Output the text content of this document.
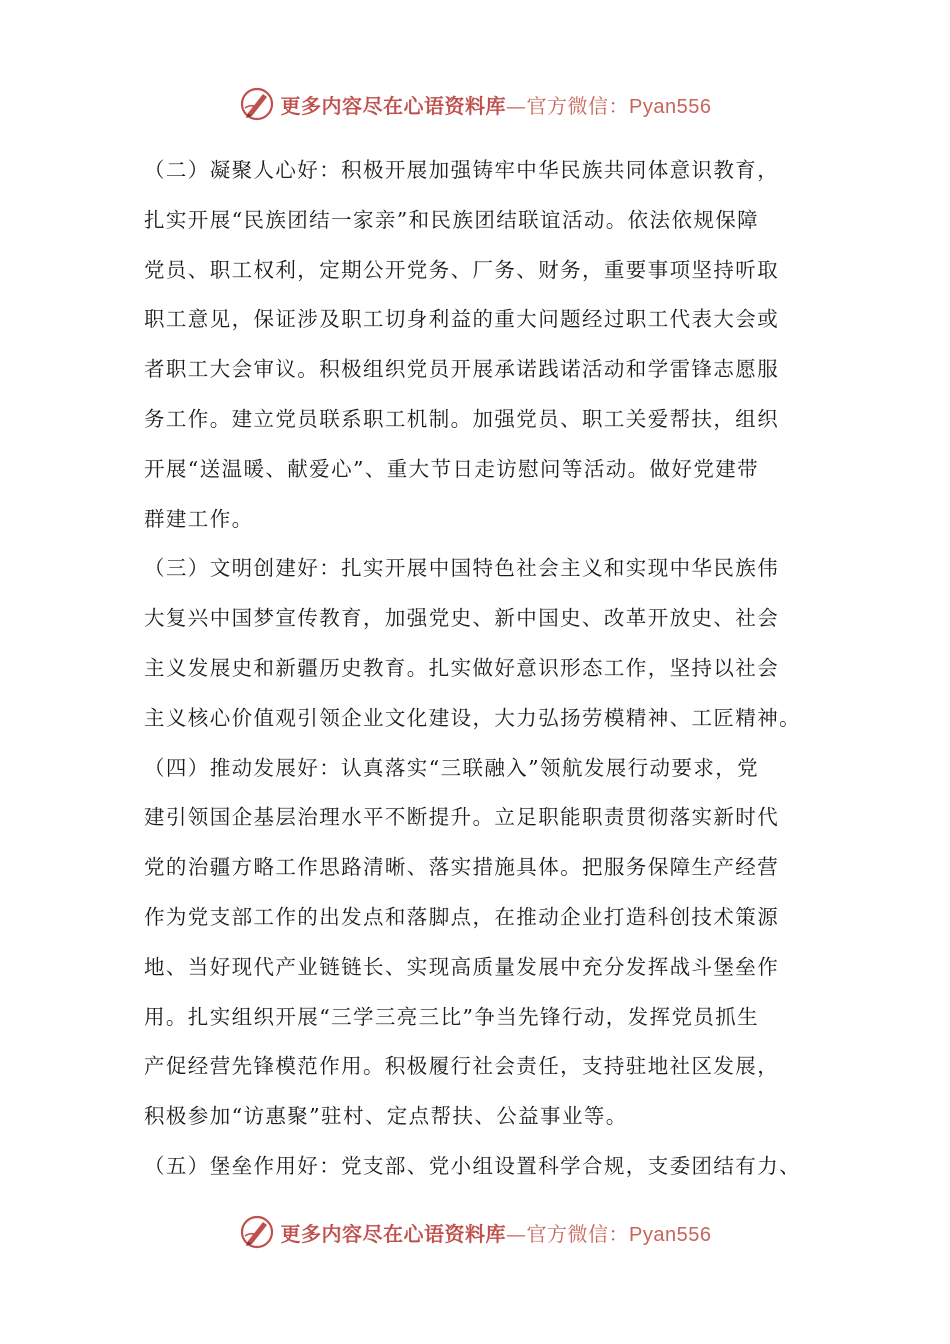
更多内容尽在心语资料库—官方微信：Pyan556
（二）凝聚人心好：积极开展加强铸牢中华民族共同体意识教育，
扎实开展“民族团结一家亲”和民族团结联谊活动。依法依规保障
党员、职工权利，定期公开党务、厂务、财务，重要事项坚持听取
职工意见，保证涉及职工切身利益的重大问题经过职工代表大会或
者职工大会审议。积极组织党员开展承诺践诺活动和学雷锋志愿服
务工作。建立党员联系职工机制。加强党员、职工关爱帮扶，组织
开展“送温暖、献爱心”、重大节日走访慰问等活动。做好党建带
群建工作。
（三）文明创建好：扎实开展中国特色社会主义和实现中华民族伟
大复兴中国梦宣传教育，加强党史、新中国史、改革开放史、社会
主义发展史和新疆历史教育。扎实做好意识形态工作，坚持以社会
主义核心价值观引领企业文化建设，大力弘扬劳模精神、工匠精神。
（四）推动发展好：认真落实“三联融入”领航发展行动要求，党
建引领国企基层治理水平不断提升。立足职能职责贯彻落实新时代
党的治疆方略工作思路清晰、落实措施具体。把服务保障生产经营
作为党支部工作的出发点和落脚点，在推动企业打造科创技术策源
地、当好现代产业链链长、实现高质量发展中充分发挥战斗堡垒作
用。扎实组织开展“三学三亮三比”争当先锋行动，发挥党员抓生
产促经营先锋模范作用。积极履行社会责任，支持驻地社区发展，
积极参加“访惠聚”驻村、定点帮扶、公益事业等。
（五）堡垒作用好：党支部、党小组设置科学合规，支委团结有力、
更多内容尽在心语资料库—官方微信：Pyan556
